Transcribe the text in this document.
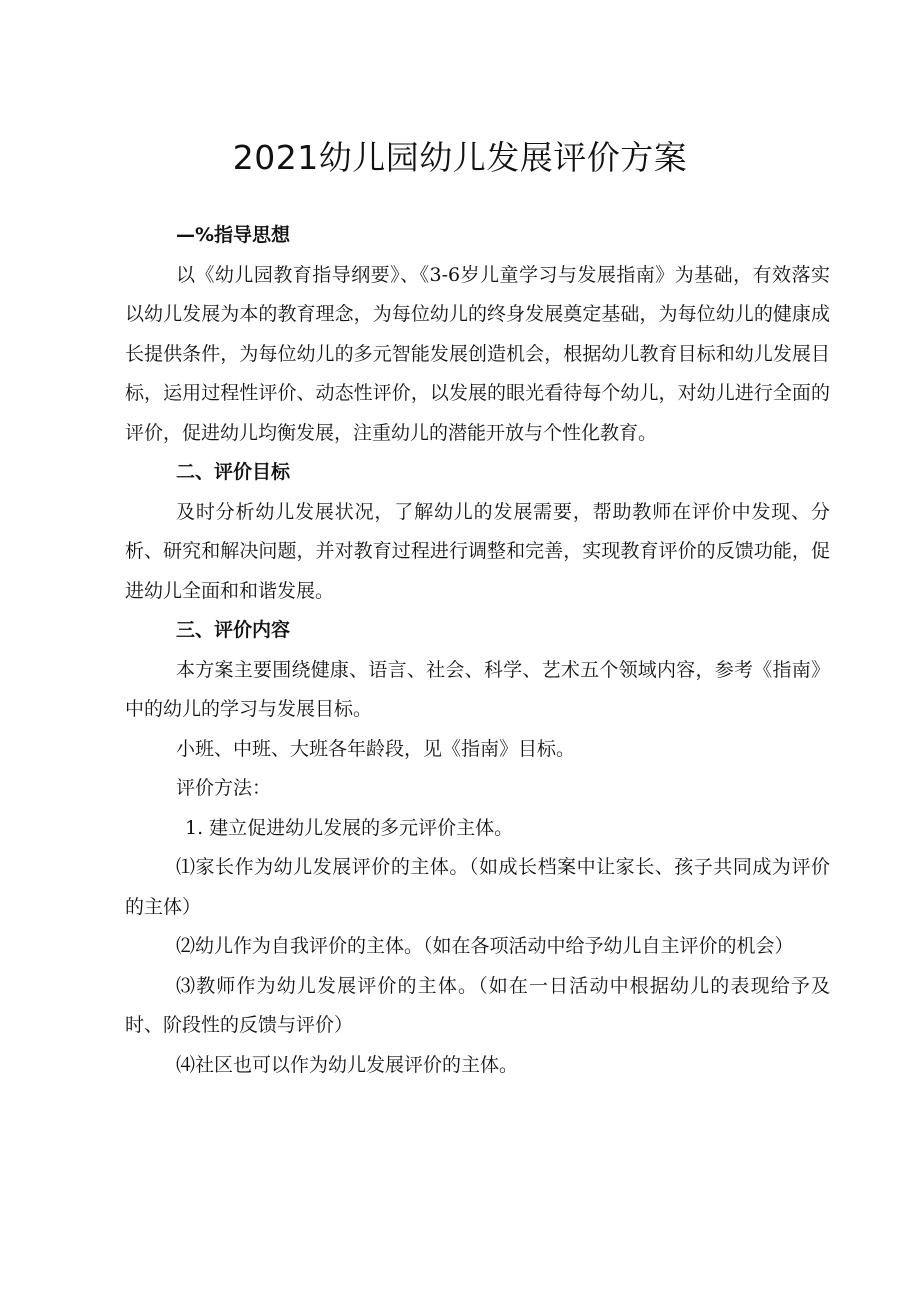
2021幼儿园幼儿发展评价方案
—%指导思想

以《幼儿园教育指导纲要》、《3-6岁儿童学习与发展指南》为基础，有效落实以幼儿发展为本的教育理念，为每位幼儿的终身发展奠定基础，为每位幼儿的健康成长提供条件，为每位幼儿的多元智能发展创造机会，根据幼儿教育目标和幼儿发展目标，运用过程性评价、动态性评价，以发展的眼光看待每个幼儿，对幼儿进行全面的评价，促进幼儿均衡发展，注重幼儿的潜能开放与个性化教育。

二、评价目标

及时分析幼儿发展状况，了解幼儿的发展需要，帮助教师在评价中发现、分析、研究和解决问题，并对教育过程进行调整和完善，实现教育评价的反馈功能，促进幼儿全面和和谐发展。

三、评价内容

本方案主要围绕健康、语言、社会、科学、艺术五个领域内容，参考《指南》中的幼儿的学习与发展目标。

小班、中班、大班各年龄段，见《指南》目标。

评价方法：

1. 建立促进幼儿发展的多元评价主体。

⑴家长作为幼儿发展评价的主体。（如成长档案中让家长、孩子共同成为评价的主体）

⑵幼儿作为自我评价的主体。（如在各项活动中给予幼儿自主评价的机会）

⑶教师作为幼儿发展评价的主体。（如在一日活动中根据幼儿的表现给予及时、阶段性的反馈与评价）

⑷社区也可以作为幼儿发展评价的主体。
